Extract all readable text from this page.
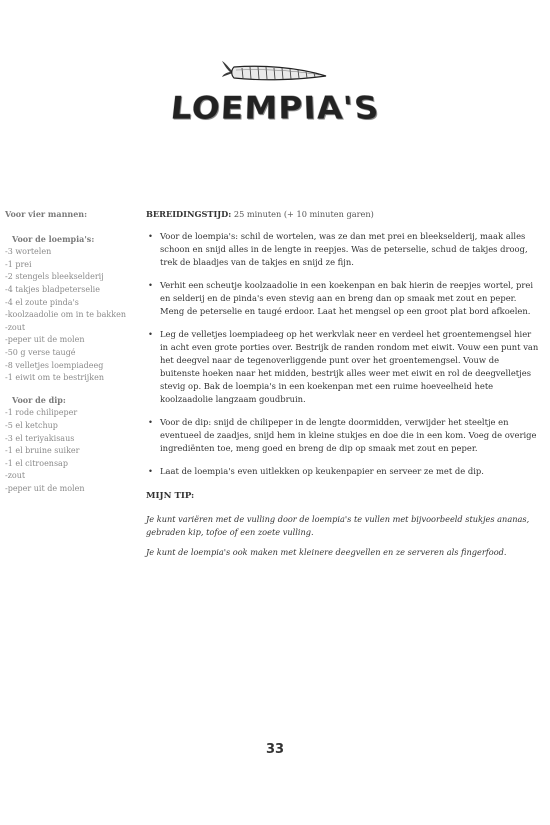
LOEMPIA'S
Voor vier mannen:
Voor de loempia's:
-3 wortelen
-1 prei
-2 stengels bleekselderij
-4 takjes bladpeterselie
-4 el zoute pinda's
-koolzaadolie om in te bakken
-zout
-peper uit de molen
-50 g verse taugé
-8 velletjes loempiadeeg
-1 eiwit om te bestrijken
Voor de dip:
-1 rode chilipeper
-5 el ketchup
-3 el teriyakisaus
-1 el bruine suiker
-1 el citroensap
-zout
-peper uit de molen

BEREIDINGSTIJD: 25 minuten (+ 10 minuten garen)

• Voor de loempia's: schil de wortelen, was ze dan met prei en bleekselderij, maak alles schoon en snijd alles in de lengte in reepjes. Was de peterselie, schud de takjes droog, trek de blaadjes van de takjes en snijd ze fijn.
• Verhit een scheutje koolzaadolie in een koekenpan en bak hierin de reepjes wortel, prei en selderij en de pinda's even stevig aan en breng dan op smaak met zout en peper. Meng de peterselie en taugé erdoor. Laat het mengsel op een groot plat bord afkoelen.
• Leg de velletjes loempiadeeg op het werkvlak neer en verdeel het groentemengsel hier in acht even grote porties over. Bestrijk de randen rondom met eiwit. Vouw een punt van het deegvel naar de tegenoverliggende punt over het groentemengsel. Vouw de buitenste hoeken naar het midden, bestrijk alles weer met eiwit en rol de deegvelletjes stevig op. Bak de loempia's in een koekenpan met een ruime hoeveelheid hete koolzaadolie langzaam goudbruin.
• Voor de dip: snijd de chilipeper in de lengte doormidden, verwijder het steeltje en eventueel de zaadjes, snijd hem in kleine stukjes en doe die in een kom. Voeg de overige ingrediënten toe, meng goed en breng de dip op smaak met zout en peper.
• Laat de loempia's even uitlekken op keukenpapier en serveer ze met de dip.
MIJN TIP:

Je kunt variëren met de vulling door de loempia's te vullen met bijvoorbeeld stukjes ananas, gebraden kip, tofoe of een zoete vulling.

Je kunt de loempia's ook maken met kleinere deegvellen en ze serveren als fingerfood.

33
